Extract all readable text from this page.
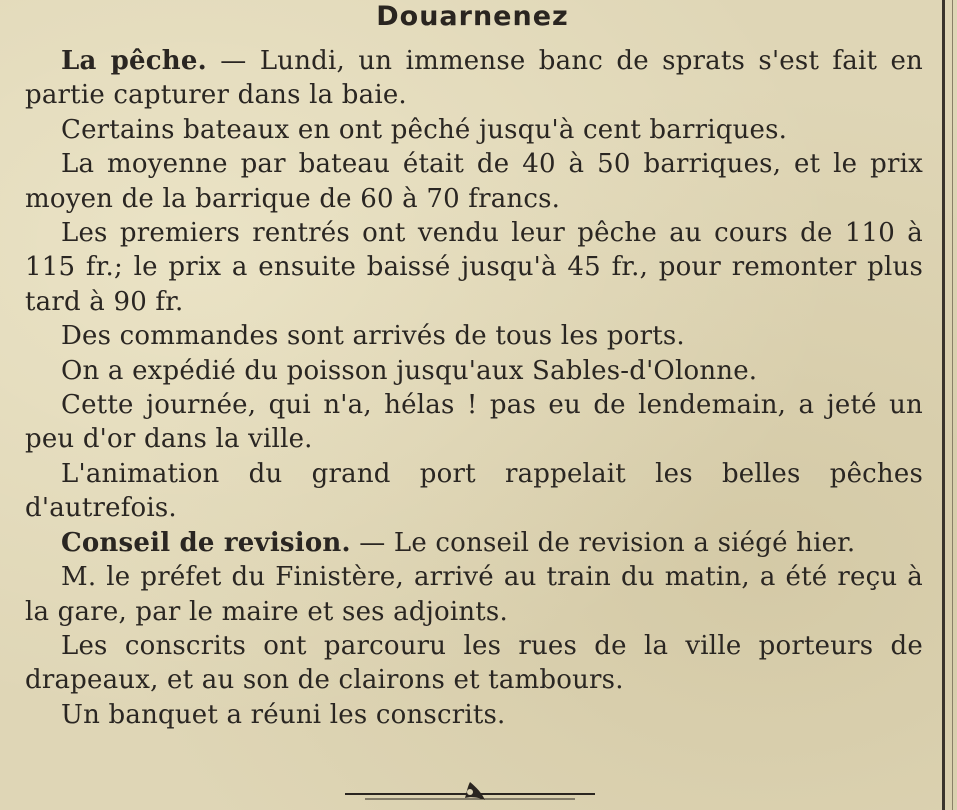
Douarnenez

La pêche. — Lundi, un immense banc de sprats s'est fait en partie capturer dans la baie.

Certains bateaux en ont pêché jusqu'à cent barriques.

La moyenne par bateau était de 40 à 50 barriques, et le prix moyen de la barrique de 60 à 70 francs.

Les premiers rentrés ont vendu leur pêche au cours de 110 à 115 fr.; le prix a ensuite baissé jusqu'à 45 fr., pour remonter plus tard à 90 fr.

Des commandes sont arrivés de tous les ports.

On a expédié du poisson jusqu'aux Sables-d'Olonne.

Cette journée, qui n'a, hélas ! pas eu de lendemain, a jeté un peu d'or dans la ville.

L'animation du grand port rappelait les belles pêches d'autrefois.

Conseil de revision. — Le conseil de revision a siégé hier.

M. le préfet du Finistère, arrivé au train du matin, a été reçu à la gare, par le maire et ses adjoints.

Les conscrits ont parcouru les rues de la ville porteurs de drapeaux, et au son de clairons et tambours.

Un banquet a réuni les conscrits.
